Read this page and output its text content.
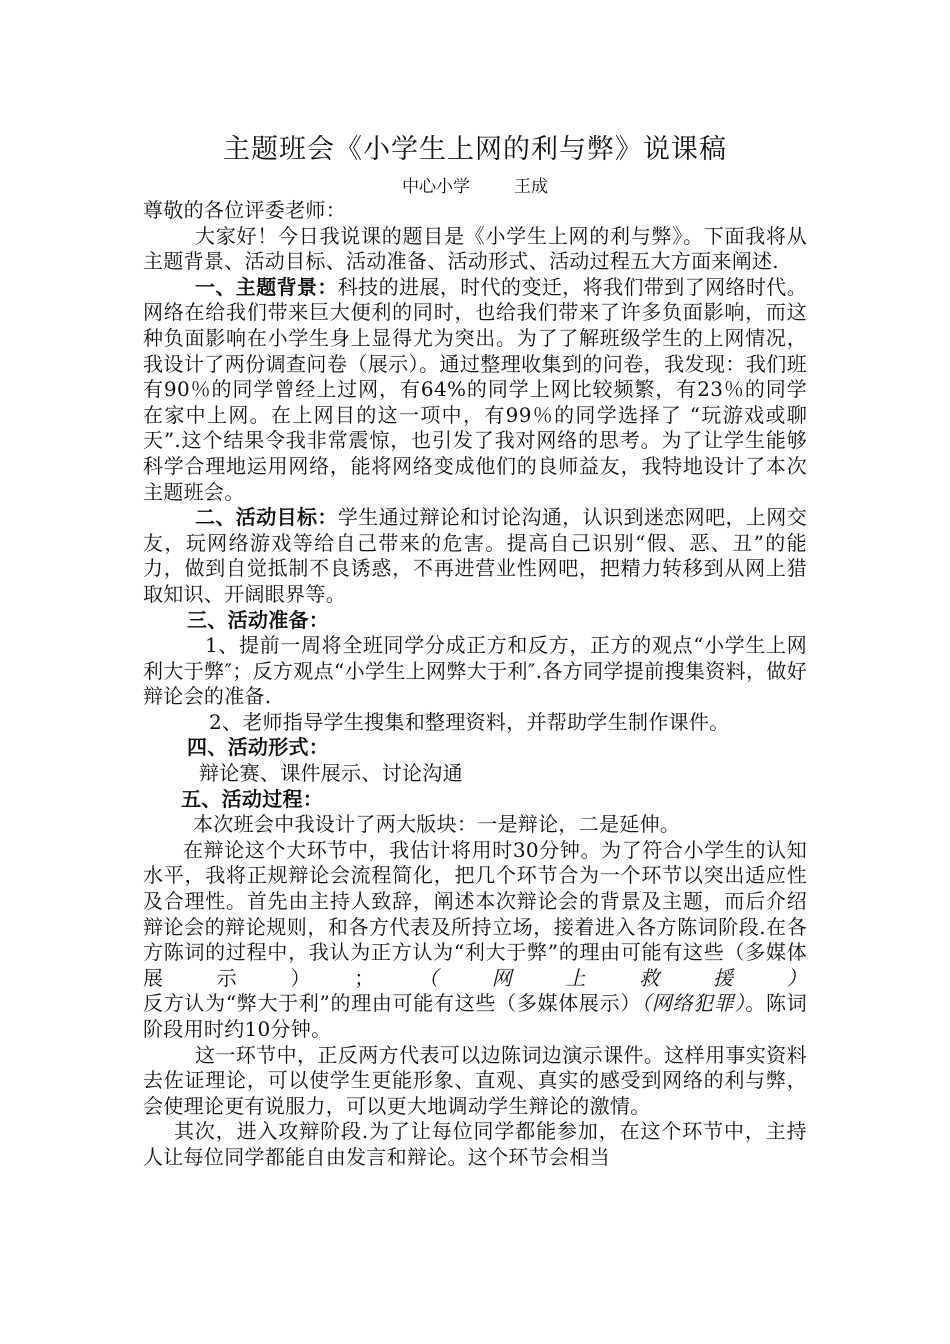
主题班会《小学生上网的利与弊》说课稿
中心小学	王成

尊敬的各位评委老师：

大家好！今日我说课的题目是《小学生上网的利与弊》。下面我将从主题背景、活动目标、活动准备、活动形式、活动过程五大方面来阐述.

一、主题背景：科技的进展，时代的变迁，将我们带到了网络时代。网络在给我们带来巨大便利的同时，也给我们带来了许多负面影响，而这种负面影响在小学生身上显得尤为突出。为了了解班级学生的上网情况，我设计了两份调查问卷（展示）。通过整理收集到的问卷，我发现：我们班有90％的同学曾经上过网，有64%的同学上网比较频繁，有23％的同学在家中上网。在上网目的这一项中，有99％的同学选择了 “玩游戏或聊天”.这个结果令我非常震惊，也引发了我对网络的思考。为了让学生能够科学合理地运用网络，能将网络变成他们的良师益友，我特地设计了本次主题班会。

二、活动目标：学生通过辩论和讨论沟通，认识到迷恋网吧，上网交友，玩网络游戏等给自己带来的危害。提高自己识别“假、恶、丑”的能力，做到自觉抵制不良诱惑，不再进营业性网吧，把精力转移到从网上猎取知识、开阔眼界等。

三、活动准备：

1、提前一周将全班同学分成正方和反方，正方的观点“小学生上网利大于弊″；反方观点“小学生上网弊大于利″.各方同学提前搜集资料，做好辩论会的准备.

2、老师指导学生搜集和整理资料，并帮助学生制作课件。

四、活动形式：

辩论赛、课件展示、讨论沟通

五、活动过程：

本次班会中我设计了两大版块：一是辩论，二是延伸。

在辩论这个大环节中，我估计将用时30分钟。为了符合小学生的认知水平，我将正规辩论会流程简化，把几个环节合为一个环节以突出适应性及合理性。首先由主持人致辞，阐述本次辩论会的背景及主题，而后介绍辩论会的辩论规则，和各方代表及所持立场，接着进入各方陈词阶段.在各方陈词的过程中，我认为正方认为“利大于弊”的理由可能有这些（多媒体展示）；（网上救援）反方认为“弊大于利”的理由可能有这些（多媒体展示）（网络犯罪）。陈词阶段用时约10分钟。

这一环节中，正反两方代表可以边陈词边演示课件。这样用事实资料去佐证理论，可以使学生更能形象、直观、真实的感受到网络的利与弊，会使理论更有说服力，可以更大地调动学生辩论的激情。

其次，进入攻辩阶段.为了让每位同学都能参加，在这个环节中，主持人让每位同学都能自由发言和辩论。这个环节会相当
